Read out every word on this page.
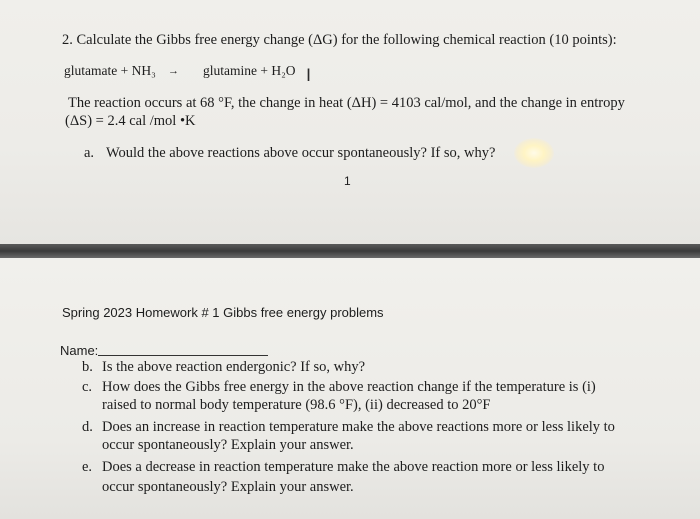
2. Calculate the Gibbs free energy change (ΔG) for the following chemical reaction (10 points):
glutamate + NH₃ → glutamine + H₂O I
The reaction occurs at 68 °F, the change in heat (ΔH) = 4103 cal/mol, and the change in entropy
(ΔS) = 2.4 cal /mol •K
a. Would the above reactions above occur spontaneously? If so, why?
1
Spring 2023 Homework # 1 Gibbs free energy problems
Name:
b. Is the above reaction endergonic? If so, why?
c. How does the Gibbs free energy in the above reaction change if the temperature is (i)
raised to normal body temperature (98.6 °F), (ii) decreased to 20°F
d. Does an increase in reaction temperature make the above reactions more or less likely to
occur spontaneously? Explain your answer.
e. Does a decrease in reaction temperature make the above reaction more or less likely to
occur spontaneously? Explain your answer.
